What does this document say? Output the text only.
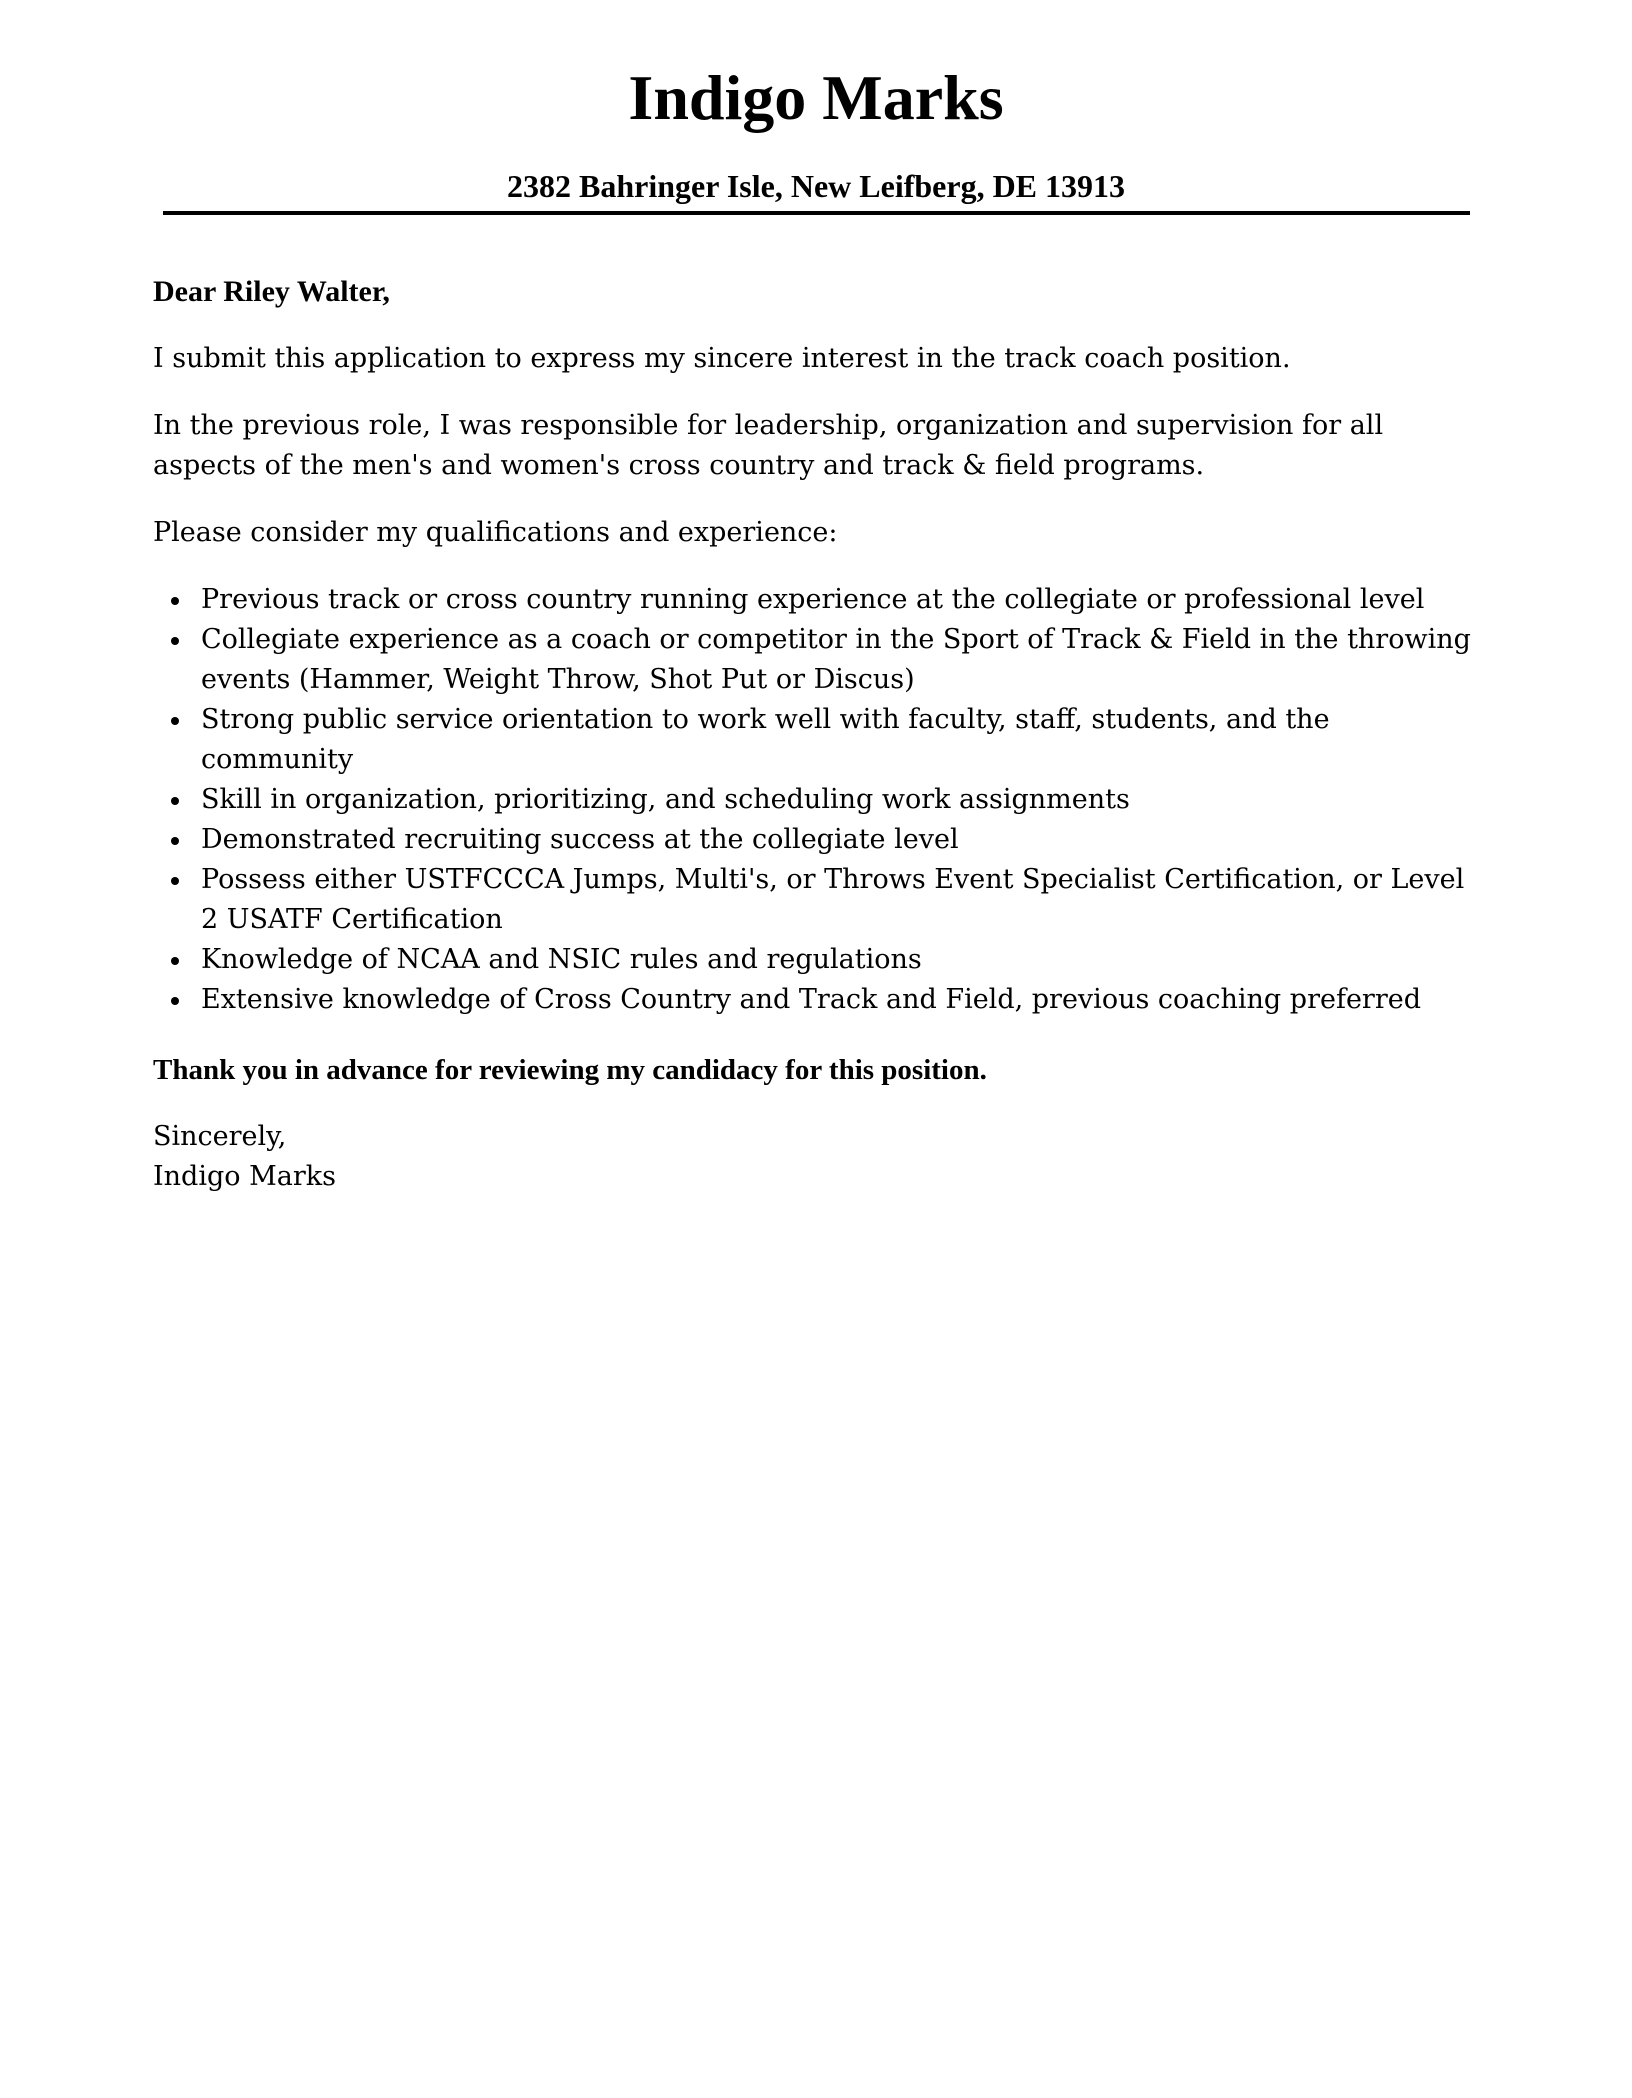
Indigo Marks
2382 Bahringer Isle, New Leifberg, DE 13913

Dear Riley Walter,

I submit this application to express my sincere interest in the track coach position.

In the previous role, I was responsible for leadership, organization and supervision for all aspects of the men's and women's cross country and track & field programs.

Please consider my qualifications and experience:

Previous track or cross country running experience at the collegiate or professional level
Collegiate experience as a coach or competitor in the Sport of Track & Field in the throwing events (Hammer, Weight Throw, Shot Put or Discus)
Strong public service orientation to work well with faculty, staff, students, and the community
Skill in organization, prioritizing, and scheduling work assignments
Demonstrated recruiting success at the collegiate level
Possess either USTFCCCA Jumps, Multi's, or Throws Event Specialist Certification, or Level 2 USATF Certification
Knowledge of NCAA and NSIC rules and regulations
Extensive knowledge of Cross Country and Track and Field, previous coaching preferred

Thank you in advance for reviewing my candidacy for this position.

Sincerely,

Indigo Marks
